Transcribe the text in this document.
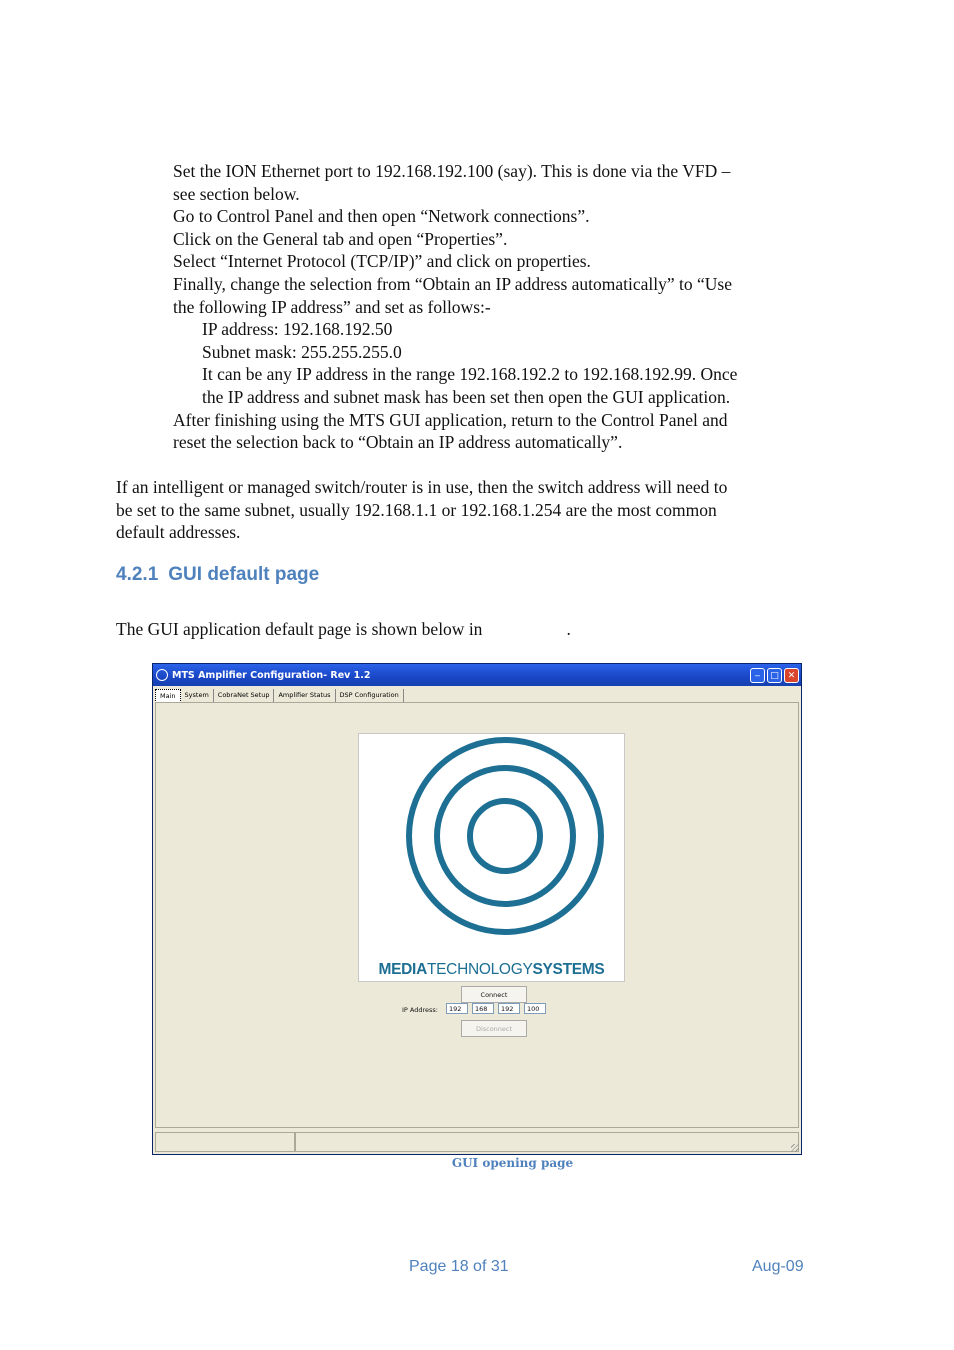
Set the ION Ethernet port to 192.168.192.100 (say). This is done via the VFD –

see section below.

Go to Control Panel and then open “Network connections”.

Click on the General tab and open “Properties”.

Select “Internet Protocol (TCP/IP)” and click on properties.

Finally, change the selection from “Obtain an IP address automatically” to “Use

the following IP address” and set as follows:-

IP address: 192.168.192.50

Subnet mask: 255.255.255.0

It can be any IP address in the range 192.168.192.2 to 192.168.192.99. Once

the IP address and subnet mask has been set then open the GUI application.

After finishing using the MTS GUI application, return to the Control Panel and

reset the selection back to “Obtain an IP address automatically”.

If an intelligent or managed switch/router is in use, then the switch address will need to
be set to the same subnet, usually 192.168.1.1 or 192.168.1.254 are the most common
default addresses.
4.2.1 GUI default page

The GUI application default page is shown below in	.

MTS Amplifier Configuration- Rev 1.2	‒	□ ✕
Main	System	CobraNet Setup	Amplifier Status	DSP Configuration
MEDIATECHNOLOGYSYSTEMS
Connect
IP Address:	192	168	192	100
Disconnect

GUI opening page

Page 18 of 31	Aug-09
